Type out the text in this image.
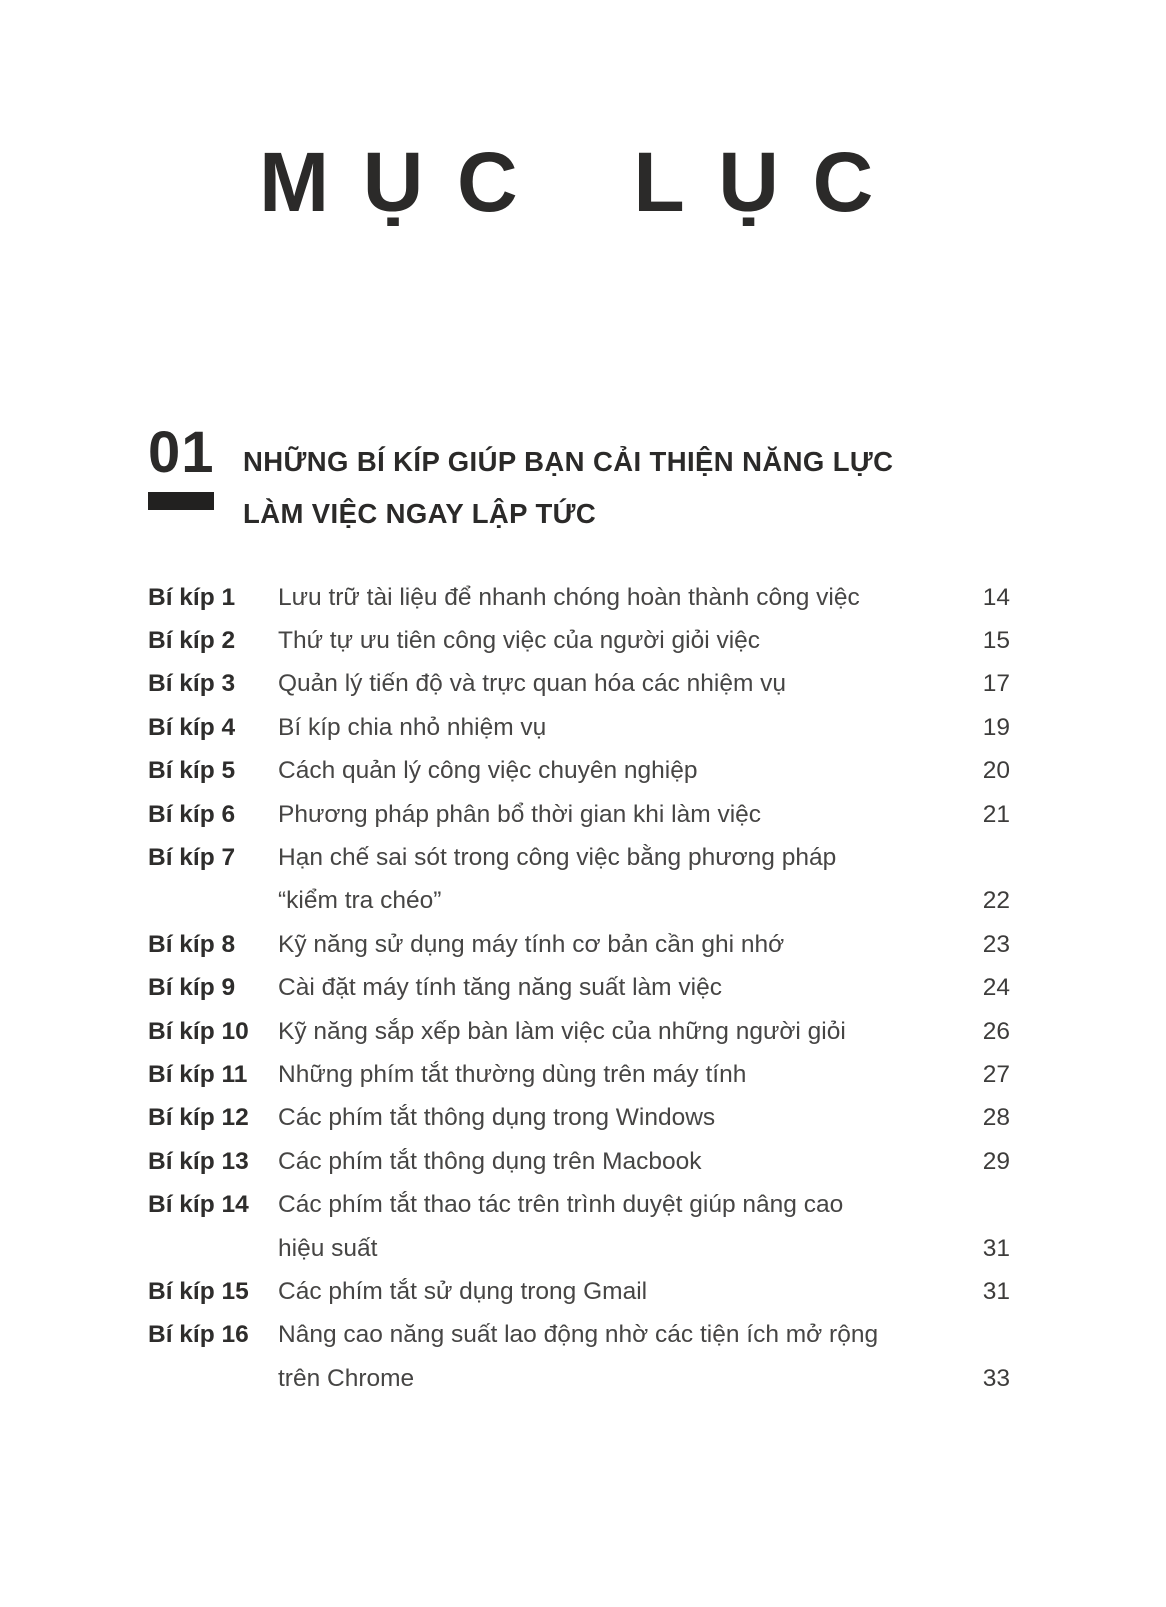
MỤC LỤC
01	NHỮNG BÍ KÍP GIÚP BẠN CẢI THIỆN NĂNG LỰC
LÀM VIỆC NGAY LẬP TỨC
Bí kíp 1	Lưu trữ tài liệu để nhanh chóng hoàn thành công việc	14
Bí kíp 2	Thứ tự ưu tiên công việc của người giỏi việc	15
Bí kíp 3	Quản lý tiến độ và trực quan hóa các nhiệm vụ	17
Bí kíp 4	Bí kíp chia nhỏ nhiệm vụ	19
Bí kíp 5	Cách quản lý công việc chuyên nghiệp	20
Bí kíp 6	Phương pháp phân bổ thời gian khi làm việc	21
Bí kíp 7	Hạn chế sai sót trong công việc bằng phương pháp
“kiểm tra chéo”	22
Bí kíp 8	Kỹ năng sử dụng máy tính cơ bản cần ghi nhớ	23
Bí kíp 9	Cài đặt máy tính tăng năng suất làm việc	24
Bí kíp 10	Kỹ năng sắp xếp bàn làm việc của những người giỏi	26
Bí kíp 11	Những phím tắt thường dùng trên máy tính	27
Bí kíp 12	Các phím tắt thông dụng trong Windows	28
Bí kíp 13	Các phím tắt thông dụng trên Macbook	29
Bí kíp 14	Các phím tắt thao tác trên trình duyệt giúp nâng cao
hiệu suất	31
Bí kíp 15	Các phím tắt sử dụng trong Gmail	31
Bí kíp 16	Nâng cao năng suất lao động nhờ các tiện ích mở rộng
trên Chrome	33
